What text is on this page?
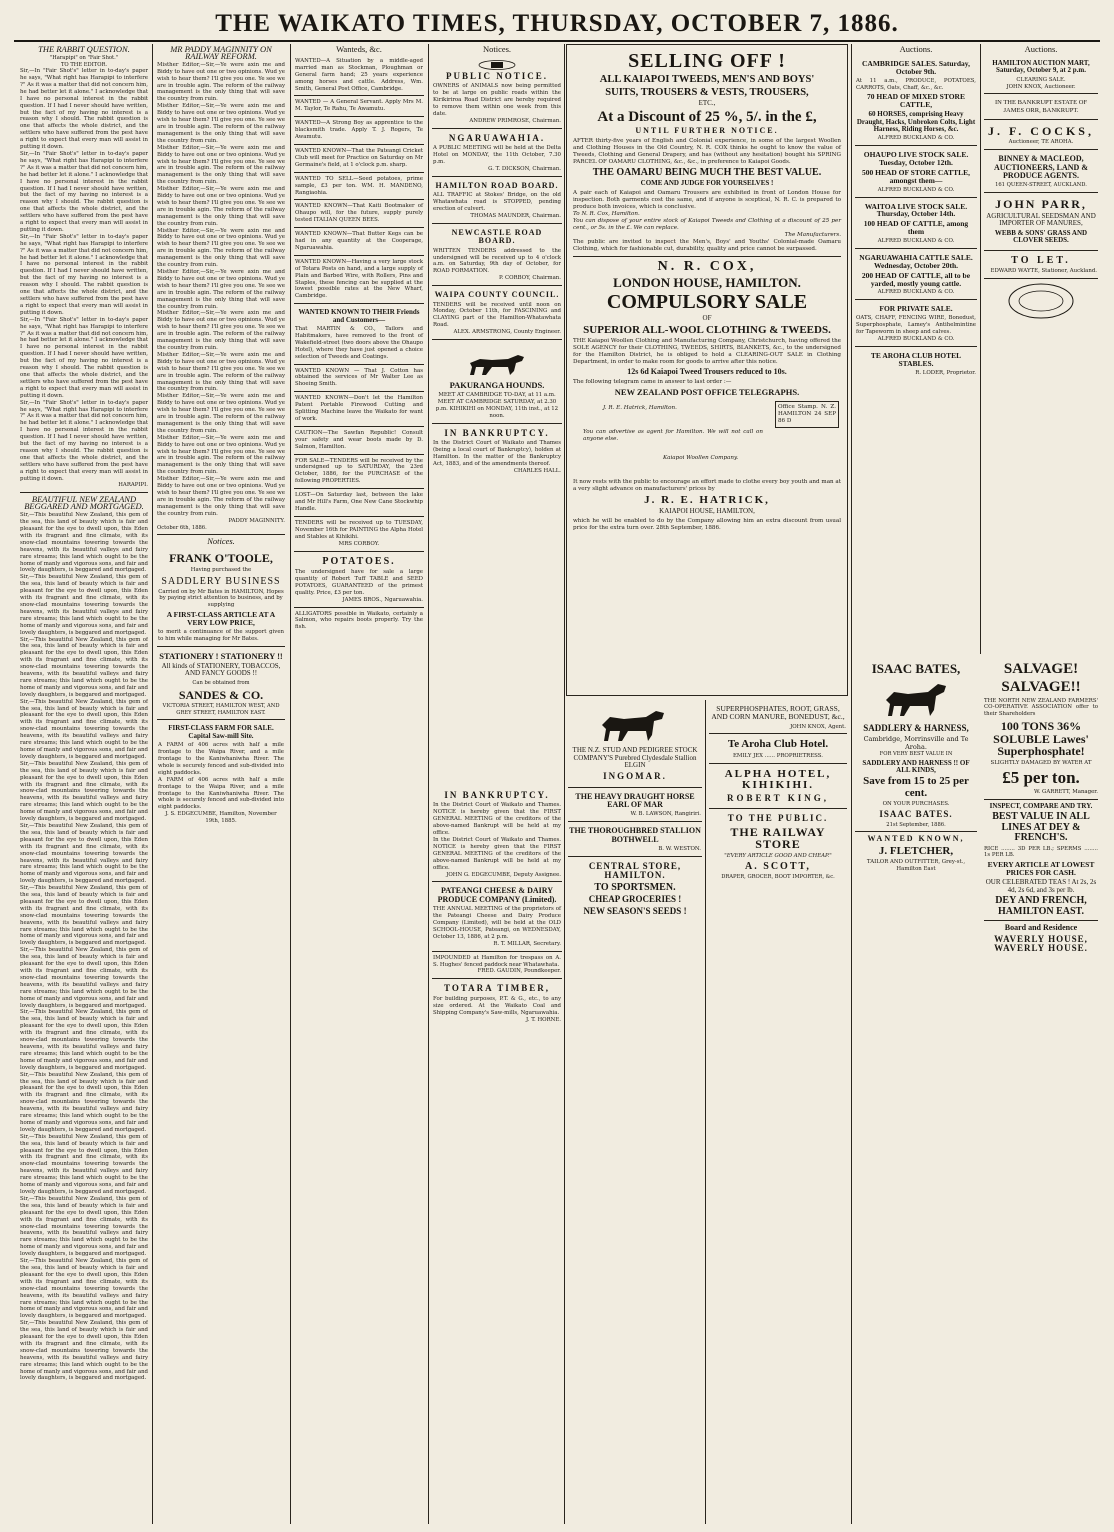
THE WAIKATO TIMES, THURSDAY, OCTOBER 7, 1886.
THE RABBIT QUESTION.
"Harapipi" on "Fair Shot."
TO THE EDITOR.
Sir,—In "Fair Shot's" letter in to-day's paper he says, "What right has Harapipi to interfere ?" As it was a matter that did not concern him, he had better let it alone." I acknowledge that I have no personal interest in the rabbit question. If I had I never should have written, but the fact of my having no interest is a reason why I should. The rabbit question is one that affects the whole district, and the settlers who have suffered from the pest have a right to expect that every man will assist in putting it down.
Sir,—In "Fair Shot's" letter in to-day's paper he says, "What right has Harapipi to interfere ?" As it was a matter that did not concern him, he had better let it alone." I acknowledge that I have no personal interest in the rabbit question. If I had I never should have written, but the fact of my having no interest is a reason why I should. The rabbit question is one that affects the whole district, and the settlers who have suffered from the pest have a right to expect that every man will assist in putting it down.
Sir,—In "Fair Shot's" letter in to-day's paper he says, "What right has Harapipi to interfere ?" As it was a matter that did not concern him, he had better let it alone." I acknowledge that I have no personal interest in the rabbit question. If I had I never should have written, but the fact of my having no interest is a reason why I should. The rabbit question is one that affects the whole district, and the settlers who have suffered from the pest have a right to expect that every man will assist in putting it down.
Sir,—In "Fair Shot's" letter in to-day's paper he says, "What right has Harapipi to interfere ?" As it was a matter that did not concern him, he had better let it alone." I acknowledge that I have no personal interest in the rabbit question. If I had I never should have written, but the fact of my having no interest is a reason why I should. The rabbit question is one that affects the whole district, and the settlers who have suffered from the pest have a right to expect that every man will assist in putting it down.
Sir,—In "Fair Shot's" letter in to-day's paper he says, "What right has Harapipi to interfere ?" As it was a matter that did not concern him, he had better let it alone." I acknowledge that I have no personal interest in the rabbit question. If I had I never should have written, but the fact of my having no interest is a reason why I should. The rabbit question is one that affects the whole district, and the settlers who have suffered from the pest have a right to expect that every man will assist in putting it down.
HARAPIPI.
BEAUTIFUL NEW ZEALAND BEGGARED AND MORTGAGED.
Sir,—This beautiful New Zealand, this gem of the sea, this land of beauty which is fair and pleasant for the eye to dwell upon, this Eden with its fragrant and fine climate, with its snow-clad mountains towering towards the heavens, with its beautiful valleys and fairy rare streams; this land which ought to be the home of manly and vigorous sons, and fair and lovely daughters, is beggared and mortgaged.
Sir,—This beautiful New Zealand, this gem of the sea, this land of beauty which is fair and pleasant for the eye to dwell upon, this Eden with its fragrant and fine climate, with its snow-clad mountains towering towards the heavens, with its beautiful valleys and fairy rare streams; this land which ought to be the home of manly and vigorous sons, and fair and lovely daughters, is beggared and mortgaged.
Sir,—This beautiful New Zealand, this gem of the sea, this land of beauty which is fair and pleasant for the eye to dwell upon, this Eden with its fragrant and fine climate, with its snow-clad mountains towering towards the heavens, with its beautiful valleys and fairy rare streams; this land which ought to be the home of manly and vigorous sons, and fair and lovely daughters, is beggared and mortgaged.
Sir,—This beautiful New Zealand, this gem of the sea, this land of beauty which is fair and pleasant for the eye to dwell upon, this Eden with its fragrant and fine climate, with its snow-clad mountains towering towards the heavens, with its beautiful valleys and fairy rare streams; this land which ought to be the home of manly and vigorous sons, and fair and lovely daughters, is beggared and mortgaged.
Sir,—This beautiful New Zealand, this gem of the sea, this land of beauty which is fair and pleasant for the eye to dwell upon, this Eden with its fragrant and fine climate, with its snow-clad mountains towering towards the heavens, with its beautiful valleys and fairy rare streams; this land which ought to be the home of manly and vigorous sons, and fair and lovely daughters, is beggared and mortgaged.
Sir,—This beautiful New Zealand, this gem of the sea, this land of beauty which is fair and pleasant for the eye to dwell upon, this Eden with its fragrant and fine climate, with its snow-clad mountains towering towards the heavens, with its beautiful valleys and fairy rare streams; this land which ought to be the home of manly and vigorous sons, and fair and lovely daughters, is beggared and mortgaged.
Sir,—This beautiful New Zealand, this gem of the sea, this land of beauty which is fair and pleasant for the eye to dwell upon, this Eden with its fragrant and fine climate, with its snow-clad mountains towering towards the heavens, with its beautiful valleys and fairy rare streams; this land which ought to be the home of manly and vigorous sons, and fair and lovely daughters, is beggared and mortgaged.
Sir,—This beautiful New Zealand, this gem of the sea, this land of beauty which is fair and pleasant for the eye to dwell upon, this Eden with its fragrant and fine climate, with its snow-clad mountains towering towards the heavens, with its beautiful valleys and fairy rare streams; this land which ought to be the home of manly and vigorous sons, and fair and lovely daughters, is beggared and mortgaged.
Sir,—This beautiful New Zealand, this gem of the sea, this land of beauty which is fair and pleasant for the eye to dwell upon, this Eden with its fragrant and fine climate, with its snow-clad mountains towering towards the heavens, with its beautiful valleys and fairy rare streams; this land which ought to be the home of manly and vigorous sons, and fair and lovely daughters, is beggared and mortgaged.
Sir,—This beautiful New Zealand, this gem of the sea, this land of beauty which is fair and pleasant for the eye to dwell upon, this Eden with its fragrant and fine climate, with its snow-clad mountains towering towards the heavens, with its beautiful valleys and fairy rare streams; this land which ought to be the home of manly and vigorous sons, and fair and lovely daughters, is beggared and mortgaged.
Sir,—This beautiful New Zealand, this gem of the sea, this land of beauty which is fair and pleasant for the eye to dwell upon, this Eden with its fragrant and fine climate, with its snow-clad mountains towering towards the heavens, with its beautiful valleys and fairy rare streams; this land which ought to be the home of manly and vigorous sons, and fair and lovely daughters, is beggared and mortgaged.
Sir,—This beautiful New Zealand, this gem of the sea, this land of beauty which is fair and pleasant for the eye to dwell upon, this Eden with its fragrant and fine climate, with its snow-clad mountains towering towards the heavens, with its beautiful valleys and fairy rare streams; this land which ought to be the home of manly and vigorous sons, and fair and lovely daughters, is beggared and mortgaged.
Sir,—This beautiful New Zealand, this gem of the sea, this land of beauty which is fair and pleasant for the eye to dwell upon, this Eden with its fragrant and fine climate, with its snow-clad mountains towering towards the heavens, with its beautiful valleys and fairy rare streams; this land which ought to be the home of manly and vigorous sons, and fair and lovely daughters, is beggared and mortgaged.
Sir,—This beautiful New Zealand, this gem of the sea, this land of beauty which is fair and pleasant for the eye to dwell upon, this Eden with its fragrant and fine climate, with its snow-clad mountains towering towards the heavens, with its beautiful valleys and fairy rare streams; this land which ought to be the home of manly and vigorous sons, and fair and lovely daughters, is beggared and mortgaged.
MR PADDY MAGINNITY ON RAILWAY REFORM.
Misther Editor,—Sir,—Ye were axin me and Biddy to have out one or two opinions. Wud ye wish to hear them? I'll give you one. Ye see we are in trouble agin. The reform of the railway management is the only thing that will save the country from ruin.
Misther Editor,—Sir,—Ye were axin me and Biddy to have out one or two opinions. Wud ye wish to hear them? I'll give you one. Ye see we are in trouble agin. The reform of the railway management is the only thing that will save the country from ruin.
Misther Editor,—Sir,—Ye were axin me and Biddy to have out one or two opinions. Wud ye wish to hear them? I'll give you one. Ye see we are in trouble agin. The reform of the railway management is the only thing that will save the country from ruin.
Misther Editor,—Sir,—Ye were axin me and Biddy to have out one or two opinions. Wud ye wish to hear them? I'll give you one. Ye see we are in trouble agin. The reform of the railway management is the only thing that will save the country from ruin.
Misther Editor,—Sir,—Ye were axin me and Biddy to have out one or two opinions. Wud ye wish to hear them? I'll give you one. Ye see we are in trouble agin. The reform of the railway management is the only thing that will save the country from ruin.
Misther Editor,—Sir,—Ye were axin me and Biddy to have out one or two opinions. Wud ye wish to hear them? I'll give you one. Ye see we are in trouble agin. The reform of the railway management is the only thing that will save the country from ruin.
Misther Editor,—Sir,—Ye were axin me and Biddy to have out one or two opinions. Wud ye wish to hear them? I'll give you one. Ye see we are in trouble agin. The reform of the railway management is the only thing that will save the country from ruin.
Misther Editor,—Sir,—Ye were axin me and Biddy to have out one or two opinions. Wud ye wish to hear them? I'll give you one. Ye see we are in trouble agin. The reform of the railway management is the only thing that will save the country from ruin.
Misther Editor,—Sir,—Ye were axin me and Biddy to have out one or two opinions. Wud ye wish to hear them? I'll give you one. Ye see we are in trouble agin. The reform of the railway management is the only thing that will save the country from ruin.
Misther Editor,—Sir,—Ye were axin me and Biddy to have out one or two opinions. Wud ye wish to hear them? I'll give you one. Ye see we are in trouble agin. The reform of the railway management is the only thing that will save the country from ruin.
Misther Editor,—Sir,—Ye were axin me and Biddy to have out one or two opinions. Wud ye wish to hear them? I'll give you one. Ye see we are in trouble agin. The reform of the railway management is the only thing that will save the country from ruin.
PADDY MAGINNITY.
October 6th, 1886.
Notices.
FRANK O'TOOLE,
Having purchased the
SADDLERY BUSINESS
Carried on by Mr Bates in HAMILTON, Hopes by paying strict attention to business, and by supplying
A FIRST-CLASS ARTICLE AT A VERY LOW PRICE,
to merit a continuance of the support given to him while managing for Mr Bates.
STATIONERY ! STATIONERY !!
All kinds of STATIONERY, TOBACCOS, AND FANCY GOODS !!
Can be obtained from
SANDES & CO.
VICTORIA STREET, HAMILTON WEST, AND GREY STREET, HAMILTON EAST.
FIRST-CLASS FARM FOR SALE. Capital Saw-mill Site.
A FARM of 406 acres with half a mile frontage to the Waipa River, and a mile frontage to the Kaniwhaniwha River. The whole is securely fenced and sub-divided into eight paddocks.
A FARM of 406 acres with half a mile frontage to the Waipa River, and a mile frontage to the Kaniwhaniwha River. The whole is securely fenced and sub-divided into eight paddocks.
J. S. EDGECUMBE, Hamilton, November 19th, 1885.
Wanteds, &c.
WANTED—A Situation by a middle-aged married man as Stockman, Ploughman or General farm hand; 25 years experience among horses and cattle. Address, Wm. Smith, General Post Office, Cambridge.
WANTED — A General Servant. Apply Mrs M. M. Taylor, Te Rahu, Te Awamutu.
WANTED—A Strong Boy as apprentice to the blacksmith trade. Apply T. J. Rogers, Te Awamutu.
WANTED KNOWN—That the Pateangi Cricket Club will meet for Practice on Saturday on Mr Germaine's field, at 1 o'clock p.m. sharp.
WANTED TO SELL—Seed potatoes, prime sample, £3 per ton. WM. H. MANDENO, Rangiaohia.
WANTED KNOWN—That Kaiti Bootmaker of Ohaupo will, for the future, supply purely tested ITALIAN QUEEN BEES.
WANTED KNOWN—That Butter Kegs can be had in any quantity at the Cooperage, Ngaruawahia.
WANTED KNOWN—Having a very large stock of Totara Posts on hand, and a large supply of Plain and Barbed Wire, with Rollers, Pins and Staples, these fencing can be supplied at the lowest possible rates at the New Wharf, Cambridge.
WANTED KNOWN TO THEIR Friends and Customers—
That MARTIN & CO., Tailors and Habitmakers, have removed to the front of Wakefield-street (two doors above the Ohaupo Hotel), where they have just opened a choice selection of Tweeds and Coatings.
WANTED KNOWN — That J. Cotton has obtained the services of Mr Walter Lee as Shoeing Smith.
WANTED KNOWN—Don't let the Hamilton Patent Portable Firewood Cutting and Splitting Machine leave the Waikato for want of work.
CAUTION—The Sawfan Republic! Consult your safety and wear boots made by D. Salmon, Hamilton.
FOR SALE—TENDERS will be received by the undersigned up to SATURDAY, the 23rd October, 1886, for the PURCHASE of the following PROPERTIES.
LOST—On Saturday last, between the lake and Mr Hill's Farm, One New Cane Stockwhip Handle.
TENDERS will be received up to TUESDAY, November 16th for PAINTING the Alpha Hotel and Stables at Kihikihi.
MRS CORBOY.
POTATOES.
The undersigned have for sale a large quantity of Robert Tuff TABLE and SEED POTATOES, GUARANTEED of the primest quality. Price, £3 per ton.
JAMES BROS., Ngaruawahia.
ALLIGATORS possible in Waikato, certainly a Salmon, who repairs boots properly. Try the fish.
Notices.
PUBLIC NOTICE.
OWNERS of ANIMALS now being permitted to be at large on public roads within the Kirikiriroa Road District are hereby required to remove them within one week from this date.
ANDREW PRIMROSE, Chairman.
NGARUAWAHIA.
A PUBLIC MEETING will be held at the Delta Hotel on MONDAY, the 11th October, 7.30 p.m.
G. T. DICKSON, Chairman.
HAMILTON ROAD BOARD.
ALL TRAFFIC at Stokes' Bridge, on the old Whatawhata road is STOPPED, pending erection of culvert.
THOMAS MAUNDER, Chairman.
NEWCASTLE ROAD BOARD.
WRITTEN TENDERS addressed to the undersigned will be received up to 4 o'clock a.m. on Saturday, 9th day of October, for ROAD FORMATION.
P. CORBOY, Chairman.
WAIPA COUNTY COUNCIL.
TENDERS will be received until noon on Monday, October 11th, for FASCINING and CLAYING part of the Hamilton-Whatawhata Road.
ALEX. ARMSTRONG, County Engineer.
PAKURANGA HOUNDS.
MEET AT CAMBRIDGE TO-DAY, at 11 a.m. MEET AT CAMBRIDGE SATURDAY, at 2.30 p.m. KIHIKIHI on MONDAY, 11th inst., at 12 noon.
IN BANKRUPTCY.
In the District Court of Waikato and Thames (being a local court of Bankruptcy), holden at Hamilton. In the matter of the Bankruptcy Act, 1883, and of the amendments thereof.
CHARLES HALL.
IN BANKRUPTCY.
In the District Court of Waikato and Thames. NOTICE is hereby given that the FIRST GENERAL MEETING of the creditors of the above-named Bankrupt will be held at my office.
In the District Court of Waikato and Thames. NOTICE is hereby given that the FIRST GENERAL MEETING of the creditors of the above-named Bankrupt will be held at my office.
JOHN G. EDGECUMBE, Deputy Assignee.
PATEANGI CHEESE & DAIRY PRODUCE COMPANY (Limited).
THE ANNUAL MEETING of the proprietors of the Pateangi Cheese and Dairy Produce Company (Limited), will be held at the OLD SCHOOL-HOUSE, Pateangi, on WEDNESDAY, October 13, 1886, at 2 p.m.
R. T. MILLAR, Secretary.
IMPOUNDED at Hamilton for trespass on A. S. Hughes' fenced paddock near Whatawhata.
FRED. GAUDIN, Poundkeeper.
TOTARA TIMBER,
For building purposes, P.T. & G., etc., to any size ordered. At the Waikato Coal and Shipping Company's Saw-mills, Ngaruawahia.
J. T. HORNE.
SELLING OFF !
ALL KAIAPOI TWEEDS, MEN'S AND BOYS'
SUITS, TROUSERS & VESTS, TROUSERS,
ETC.,
At a Discount of 25 %, 5/. in the £,
UNTIL FURTHER NOTICE.
AFTER thirty-five years of English and Colonial experience, in some of the largest Woollen and Clothing Houses in the Old Country, N. R. COX thinks he ought to know the value of Tweeds, Clothing and General Drapery, and has (without any hesitation) bought his SPRING PARCEL OF OAMARU CLOTHING, &c., &c., in preference to Kaiapoi Goods.
THE OAMARU BEING MUCH THE BEST VALUE.
COME AND JUDGE FOR YOURSELVES !
A pair each of Kaiapoi and Oamaru Trousers are exhibited in front of London House for inspection. Both garments cost the same, and if anyone is sceptical, N. R. C. is prepared to produce both invoices, which is conclusive.
To N. R. Cox, Hamilton.
You can dispose of your entire stock of Kaiapoi Tweeds and Clothing at a discount of 25 per cent., or 5s. in the £. We can replace.
The Manufacturers.
The public are invited to inspect the Men's, Boys' and Youths' Colonial-made Oamaru Clothing, which for fashionable cut, durability, quality and price cannot be surpassed.
N. R. COX,
LONDON HOUSE, HAMILTON.
COMPULSORY SALE
OF
SUPERIOR ALL-WOOL CLOTHING & TWEEDS.
THE Kaiapoi Woollen Clothing and Manufacturing Company, Christchurch, having offered the SOLE AGENCY for their CLOTHING, TWEEDS, SHIRTS, BLANKETS, &c., to the undersigned for the Hamilton District, he is obliged to hold a CLEARING-OUT SALE in Clothing Department, in order to make room for goods to arrive after this notice.
12s 6d Kaiapoi Tweed Trousers reduced to 10s.
The following telegram came in answer to last order :—
NEW ZEALAND POST OFFICE TELEGRAPHS.
J. R. E. Hatrick, Hamilton.
You can advertise as agent for Hamilton. We will not call on anyone else.
Kaiapoi Woollen Company.
Office Stamp. N. Z. HAMILTON 24 SEP 86 D
It now rests with the public to encourage an effort made to clothe every boy youth and man at a very slight advance on manufacturers' prices by
J. R. E. HATRICK,
KAIAPOI HOUSE, HAMILTON,
which he will be enabled to do by the Company allowing him an extra discount from usual price for the extra turn over. 28th September, 1886.
THE N.Z. STUD AND PEDIGREE STOCK COMPANY'S Purebred Clydesdale Stallion ELGIN
INGOMAR.
THE HEAVY DRAUGHT HORSE EARL OF MAR
W. B. LAWSON, Rangiriri.
THE THOROUGHBRED STALLION BOTHWELL
B. W. WESTON.
CENTRAL STORE, HAMILTON.
TO SPORTSMEN.
CHEAP GROCERIES !
NEW SEASON'S SEEDS !
SUPERPHOSPHATES, ROOT, GRASS, AND CORN MANURE, BONEDUST, &c.,
JOHN KNOX, Agent.
Te Aroha Club Hotel.
EMILY JEX ...... PROPRIETRESS.
ALPHA HOTEL, KIHIKIHI.
ROBERT KING,
TO THE PUBLIC.
THE RAILWAY STORE
"EVERY ARTICLE GOOD AND CHEAP."
A. SCOTT,
DRAPER, GROCER, BOOT IMPORTER, &c.
Auctions.
CAMBRIDGE SALES. Saturday, October 9th.
At 11 a.m., PRODUCE, POTATOES, CARROTS, Oats, Chaff, &c., &c.
70 HEAD OF MIXED STORE CATTLE,
60 HORSES, comprising Heavy Draught, Hacks, Unbroken Colts, Light Harness, Riding Horses, &c.
ALFRED BUCKLAND & CO.
OHAUPO LIVE STOCK SALE. Tuesday, October 12th.
500 HEAD OF STORE CATTLE, amongst them—
ALFRED BUCKLAND & CO.
WAITOA LIVE STOCK SALE. Thursday, October 14th.
100 HEAD OF CATTLE, among them
ALFRED BUCKLAND & CO.
NGARUAWAHIA CATTLE SALE. Wednesday, October 20th.
200 HEAD OF CATTLE, all to be yarded, mostly young cattle.
ALFRED BUCKLAND & CO.
FOR PRIVATE SALE.
OATS, CHAFF, FENCING WIRE, Bonedust, Superphosphate, Lamey's Antihelmintine for Tapeworm in sheep and calves.
ALFRED BUCKLAND & CO.
TE AROHA CLUB HOTEL STABLES.
R. LODER, Proprietor.
Auctions.
HAMILTON AUCTION MART, Saturday, October 9, at 2 p.m.
CLEARING SALE.
JOHN KNOX, Auctioneer.
IN THE BANKRUPT ESTATE OF JAMES ORR, BANKRUPT.
J. F. COCKS,
Auctioneer, TE AROHA.
BINNEY & MACLEOD, AUCTIONEERS, LAND & PRODUCE AGENTS.
161 QUEEN-STREET, AUCKLAND.
JOHN PARR,
AGRICULTURAL SEEDSMAN AND IMPORTER OF MANURES,
WEBB & SONS' GRASS AND CLOVER SEEDS.
TO LET.
EDWARD WAYTE, Stationer, Auckland.
ISAAC BATES,
SADDLERY & HARNESS,
Cambridge, Morrinsville and Te Aroha.
FOR VERY BEST VALUE IN
SADDLERY AND HARNESS !! OF ALL KINDS,
Save from 15 to 25 per cent.
ON YOUR PURCHASES.
ISAAC BATES.
21st September, 1886.
WANTED KNOWN,
J. FLETCHER,
TAILOR AND OUTFITTER, Grey-st., Hamilton East
SALVAGE!
SALVAGE!!
THE NORTH NEW ZEALAND FARMERS' CO-OPERATIVE ASSOCIATION offer to their Shareholders
100 TONS 36% SOLUBLE Lawes' Superphosphate!
SLIGHTLY DAMAGED BY WATER AT
£5 per ton.
W. GARRETT, Manager.
INSPECT, COMPARE AND TRY.
BEST VALUE IN ALL LINES AT DEY & FRENCH'S.
RICE ........ 3D PER LB.; SPERMS ........ 1s PER LB.
EVERY ARTICLE AT LOWEST PRICES FOR CASH.
OUR CELEBRATED TEAS ! At 2s, 2s 4d, 2s 6d, and 3s per lb.
DEY AND FRENCH, HAMILTON EAST.
Board and Residence
WAVERLY HOUSE, WAVERLY HOUSE.
